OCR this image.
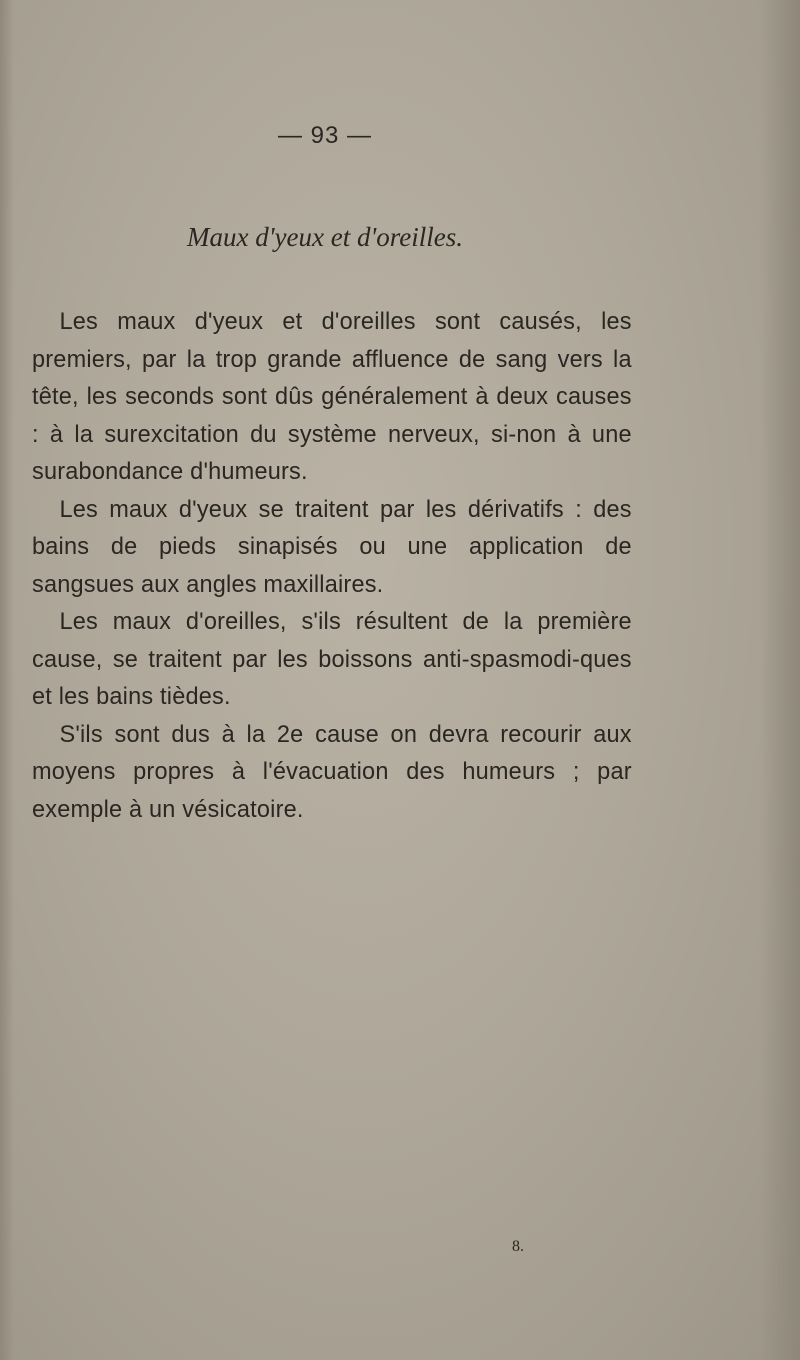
— 93 —
Maux d'yeux et d'oreilles.

Les maux d'yeux et d'oreilles sont causés, les premiers, par la trop grande affluence de sang vers la tête, les seconds sont dûs généralement à deux causes : à la surexcitation du système nerveux, si-non à une surabondance d'humeurs.

Les maux d'yeux se traitent par les dérivatifs : des bains de pieds sinapisés ou une application de sangsues aux angles maxillaires.

Les maux d'oreilles, s'ils résultent de la première cause, se traitent par les boissons anti-spasmodi-ques et les bains tièdes.

S'ils sont dus à la 2e cause on devra recourir aux moyens propres à l'évacuation des humeurs ; par exemple à un vésicatoire.

8.
